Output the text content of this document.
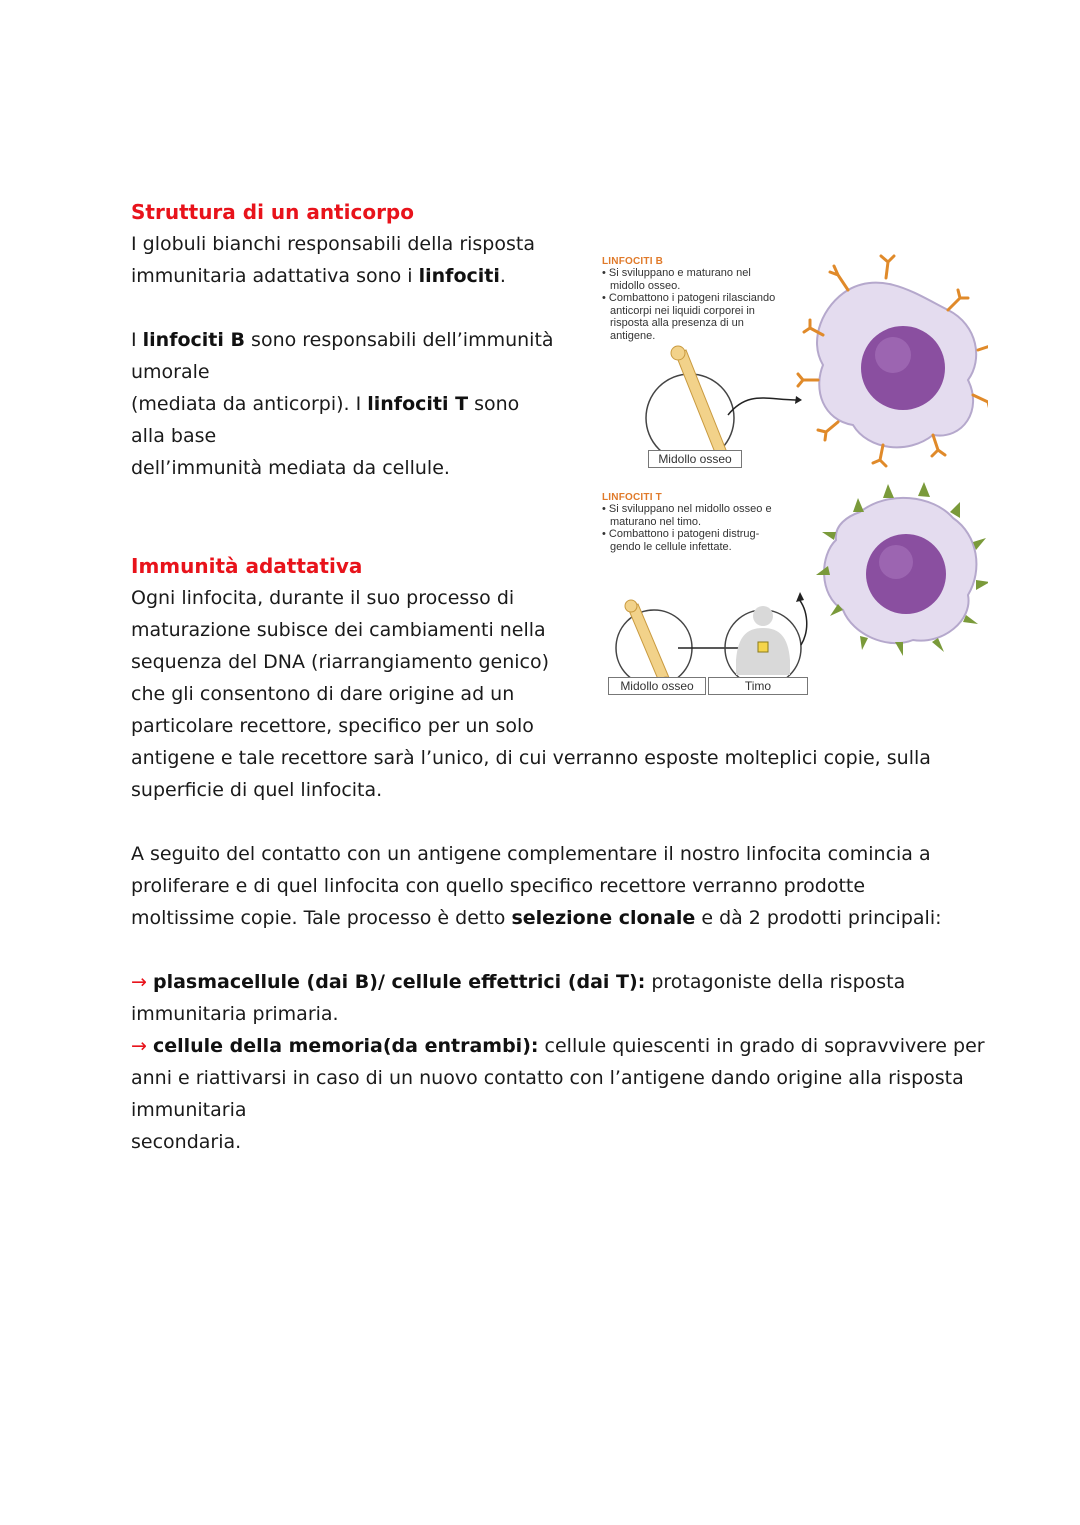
Struttura di un anticorpo
I globuli bianchi responsabili della risposta
immunitaria adattativa sono i linfociti.
I linfociti B sono responsabili dell’immunità
umorale
(mediata da anticorpi). I linfociti T sono
alla base
dell’immunità mediata da cellule.
LINFOCITI B
• Si sviluppano e maturano nel
midollo osseo.
• Combattono i patogeni rilasciando
anticorpi nei liquidi corporei in
risposta alla presenza di un
antigene.
Midollo osseo
LINFOCITI T
• Si sviluppano nel midollo osseo e
maturano nel timo.
• Combattono i patogeni distrug-
gendo le cellule infettate.
Midollo osseo	Timo
Immunità adattativa
Ogni linfocita, durante il suo processo di
maturazione subisce dei cambiamenti nella
sequenza del DNA (riarrangiamento genico)
che gli consentono di dare origine ad un
particolare recettore, specifico per un solo
antigene e tale recettore sarà l’unico, di cui verranno esposte molteplici copie, sulla
superficie di quel linfocita.
A seguito del contatto con un antigene complementare il nostro linfocita comincia a
proliferare e di quel linfocita con quello specifico recettore verranno prodotte
moltissime copie. Tale processo è detto selezione clonale e dà 2 prodotti principali:
→ plasmacellule (dai B)/ cellule effettrici (dai T): protagoniste della risposta
immunitaria primaria.
→ cellule della memoria(da entrambi): cellule quiescenti in grado di sopravvivere per
anni e riattivarsi in caso di un nuovo contatto con l’antigene dando origine alla risposta
immunitaria
secondaria.
